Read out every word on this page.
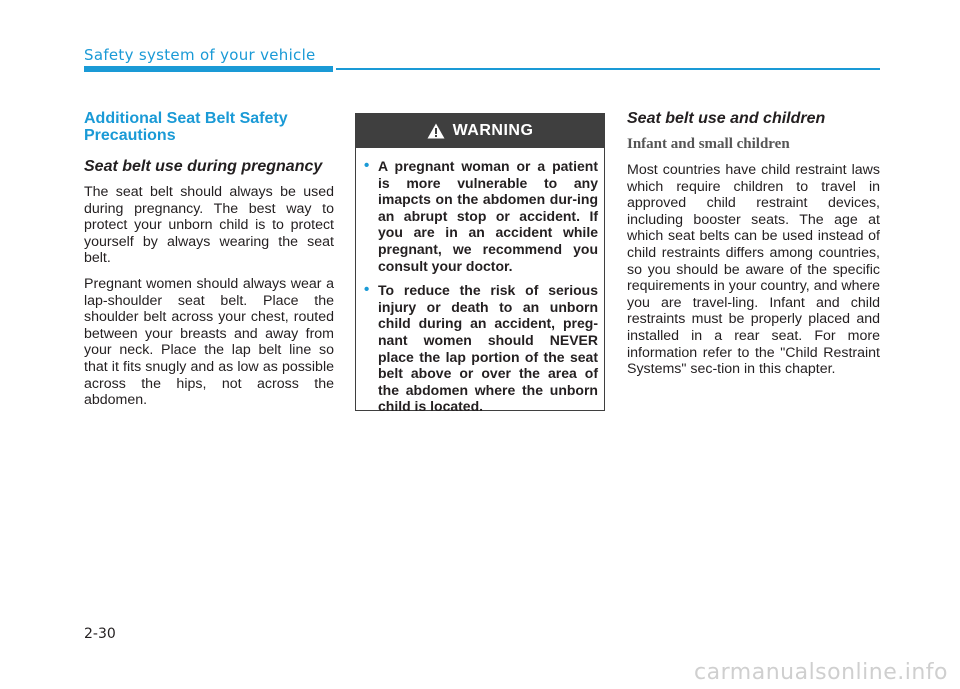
Safety system of your vehicle
Additional Seat Belt Safety Precautions
Seat belt use during pregnancy

The seat belt should always be used during pregnancy. The best way to protect your unborn child is to protect yourself by always wearing the seat belt.

Pregnant women should always wear a lap-shoulder seat belt. Place the shoulder belt across your chest, routed between your breasts and away from your neck. Place the lap belt line so that it fits snugly and as low as possible across the hips, not across the abdomen.

WARNING
• A pregnant woman or a patient is more vulnerable to any imapcts on the abdomen dur-ing an abrupt stop or accident. If you are in an accident while pregnant, we recommend you consult your doctor.
• To reduce the risk of serious injury or death to an unborn child during an accident, preg-nant women should NEVER place the lap portion of the seat belt above or over the area of the abdomen where the unborn child is located.
Seat belt use and children
Infant and small children

Most countries have child restraint laws which require children to travel in approved child restraint devices, including booster seats. The age at which seat belts can be used instead of child restraints differs among countries, so you should be aware of the specific requirements in your country, and where you are travel-ling. Infant and child restraints must be properly placed and installed in a rear seat. For more information refer to the "Child Restraint Systems" sec-tion in this chapter.

2-30
carmanualsonline.info
